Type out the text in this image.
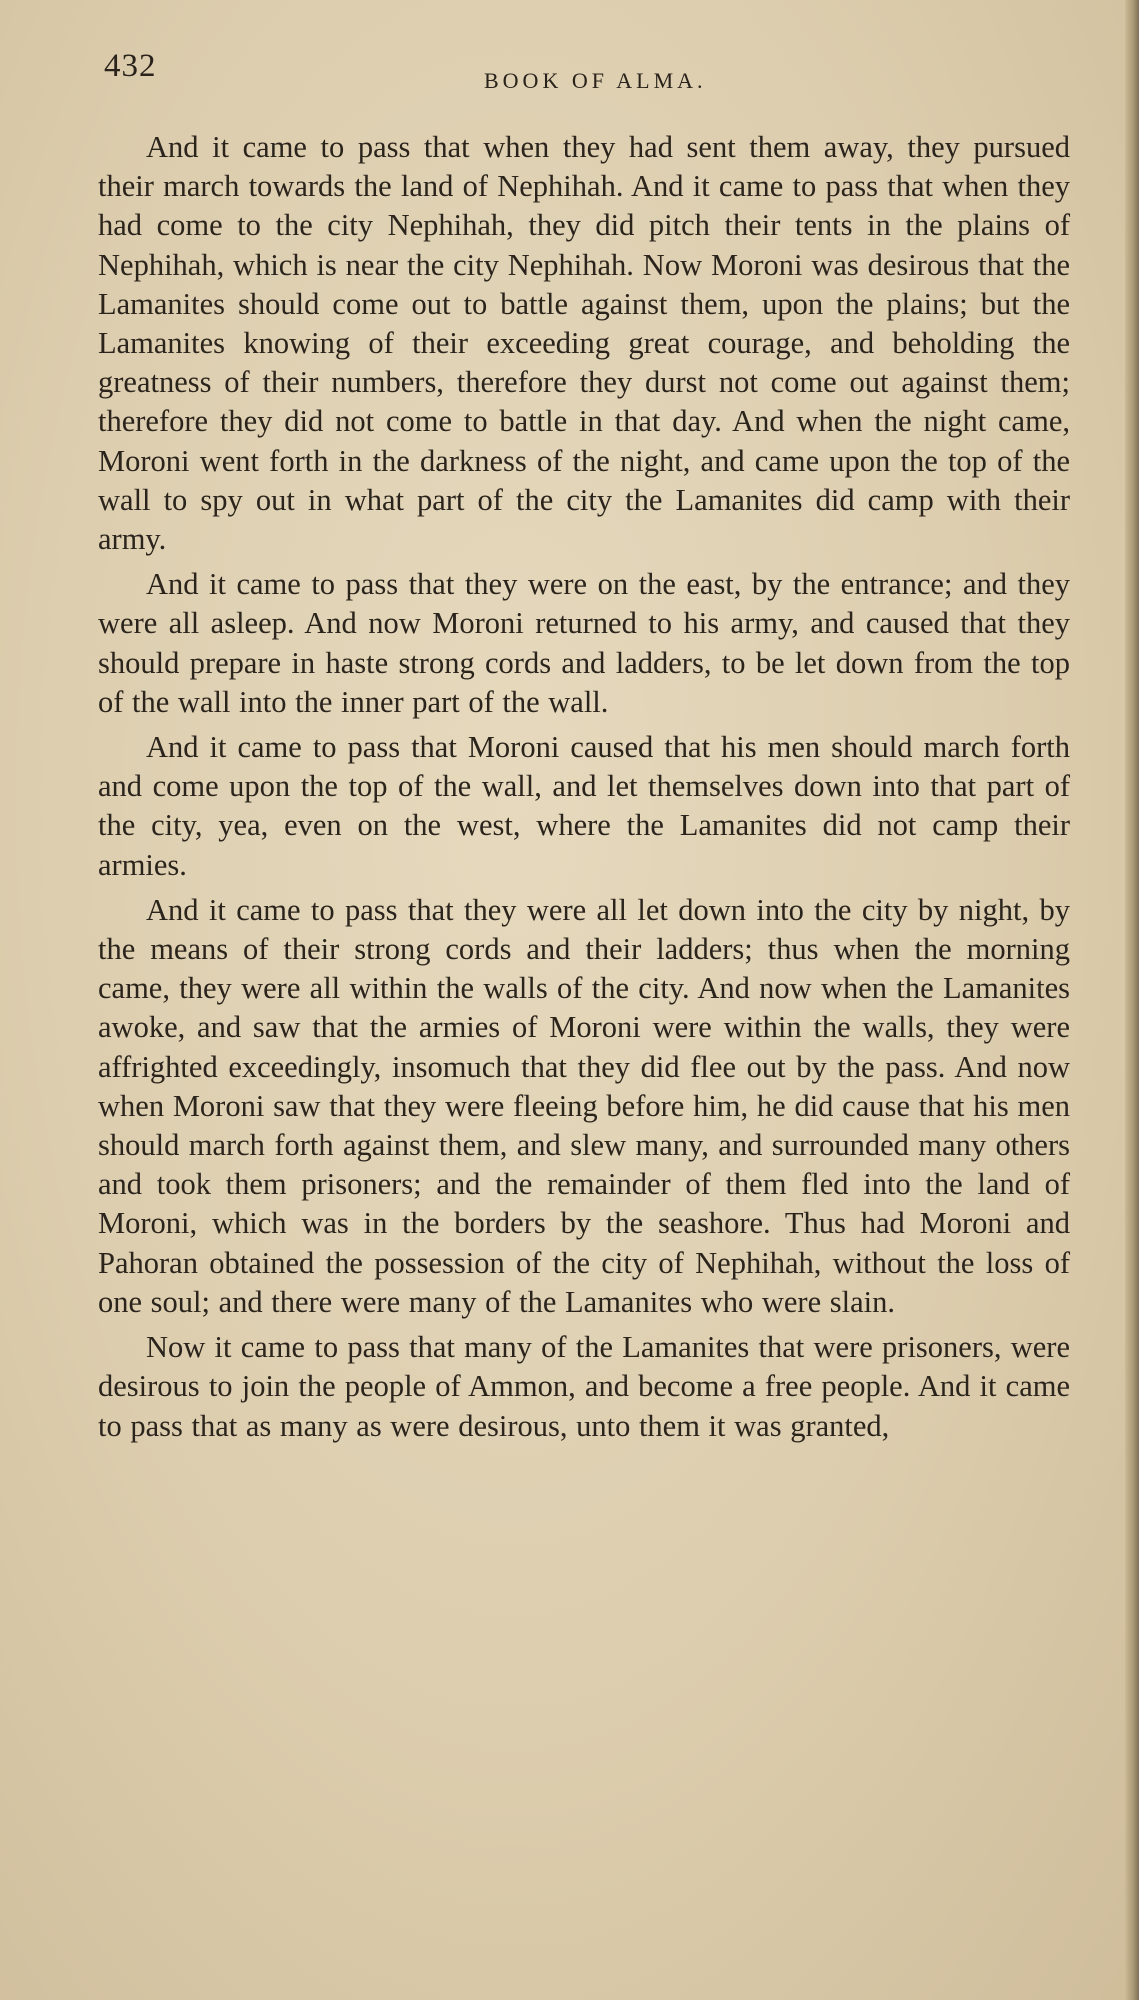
432	BOOK OF ALMA.

And it came to pass that when they had sent them away, they pursued their march towards the land of Nephihah. And it came to pass that when they had come to the city Nephihah, they did pitch their tents in the plains of Nephihah, which is near the city Nephihah. Now Moroni was desirous that the Lamanites should come out to battle against them, upon the plains; but the Lamanites knowing of their exceeding great courage, and beholding the greatness of their numbers, therefore they durst not come out against them; therefore they did not come to battle in that day. And when the night came, Moroni went forth in the darkness of the night, and came upon the top of the wall to spy out in what part of the city the Lamanites did camp with their army.

And it came to pass that they were on the east, by the entrance; and they were all asleep. And now Moroni returned to his army, and caused that they should prepare in haste strong cords and ladders, to be let down from the top of the wall into the inner part of the wall.

And it came to pass that Moroni caused that his men should march forth and come upon the top of the wall, and let themselves down into that part of the city, yea, even on the west, where the Lamanites did not camp their armies.

And it came to pass that they were all let down into the city by night, by the means of their strong cords and their ladders; thus when the morning came, they were all within the walls of the city. And now when the Lamanites awoke, and saw that the armies of Moroni were within the walls, they were affrighted exceedingly, insomuch that they did flee out by the pass. And now when Moroni saw that they were fleeing before him, he did cause that his men should march forth against them, and slew many, and surrounded many others and took them prisoners; and the remainder of them fled into the land of Moroni, which was in the borders by the seashore. Thus had Moroni and Pahoran obtained the possession of the city of Nephihah, without the loss of one soul; and there were many of the Lamanites who were slain.

Now it came to pass that many of the Lamanites that were prisoners, were desirous to join the people of Ammon, and become a free people. And it came to pass that as many as were desirous, unto them it was granted,
